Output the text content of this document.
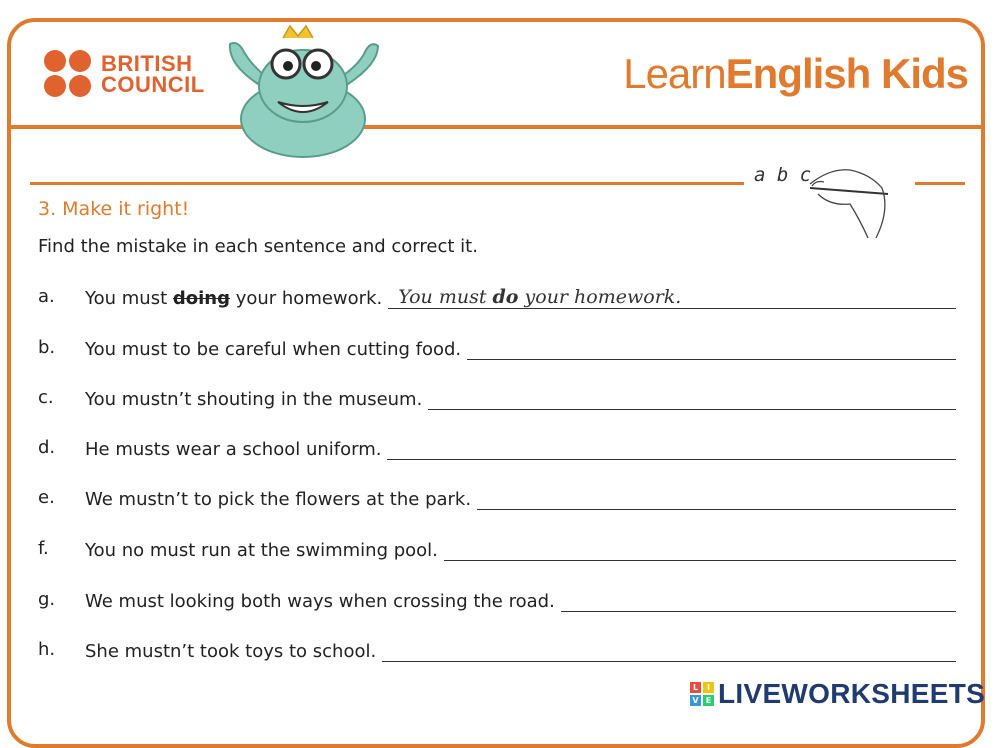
BRITISH
COUNCIL	LearnEnglish Kids
a b c
3. Make it right!
Find the mistake in each sentence and correct it.
a.	You must doing your homework. You must do your homework.
b.	You must to be careful when cutting food.
c.	You mustn’t shouting in the museum.
d.	He musts wear a school uniform.
e.	We mustn’t to pick the flowers at the park.
f.	You no must run at the swimming pool.
g.	We must looking both ways when crossing the road.
h.	She mustn’t took toys to school.
L	I
V E LIVEWORKSHEETS
